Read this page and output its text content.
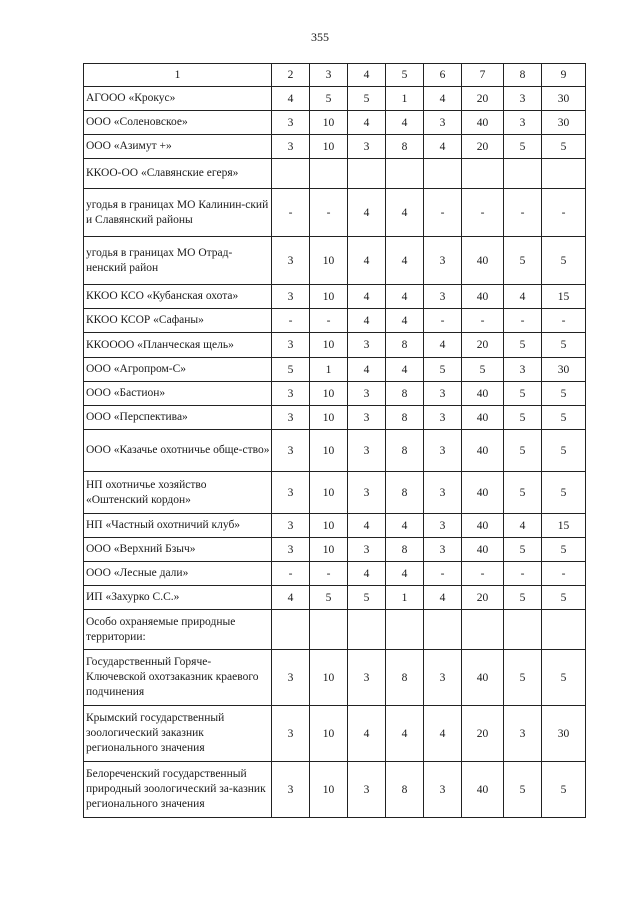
355
1	2	3	4	5	6	7	8	9
АГООО «Крокус»	4	5	5	1	4	20	3	30
ООО «Соленовское»	3	10	4	4	3	40	3	30
ООО «Азимут +»	3	10	3	8	4	20	5	5
ККОО-ОО «Славянские егеря»								
угодья в границах МО Калинин-ский и Славянский районы	-	-	4	4	-	-	-	-
угодья в границах МО Отрад-ненский район	3	10	4	4	3	40	5	5
ККОО КСО «Кубанская охота»	3	10	4	4	3	40	4	15
ККОО КСОР «Сафаны»	-	-	4	4	-	-	-	-
ККОООО «Планческая щель»	3	10	3	8	4	20	5	5
ООО «Агропром-С»	5	1	4	4	5	5	3	30
ООО «Бастион»	3	10	3	8	3	40	5	5
ООО «Перспектива»	3	10	3	8	3	40	5	5
ООО «Казачье охотничье обще-ство»	3	10	3	8	3	40	5	5
НП охотничье хозяйство «Оштенский кордон»	3	10	3	8	3	40	5	5
НП «Частный охотничий клуб»	3	10	4	4	3	40	4	15
ООО «Верхний Бзыч»	3	10	3	8	3	40	5	5
ООО «Лесные дали»	-	-	4	4	-	-	-	-
ИП «Захурко С.С.»	4	5	5	1	4	20	5	5
Особо охраняемые природные территории:								
Государственный Горяче-Ключевской охотзаказник краевого подчинения	3	10	3	8	3	40	5	5
Крымский государственный зоологический заказник регионального значения	3	10	4	4	4	20	3	30
Белореченский государственный природный зоологический за-казник регионального значения	3	10	3	8	3	40	5	5
